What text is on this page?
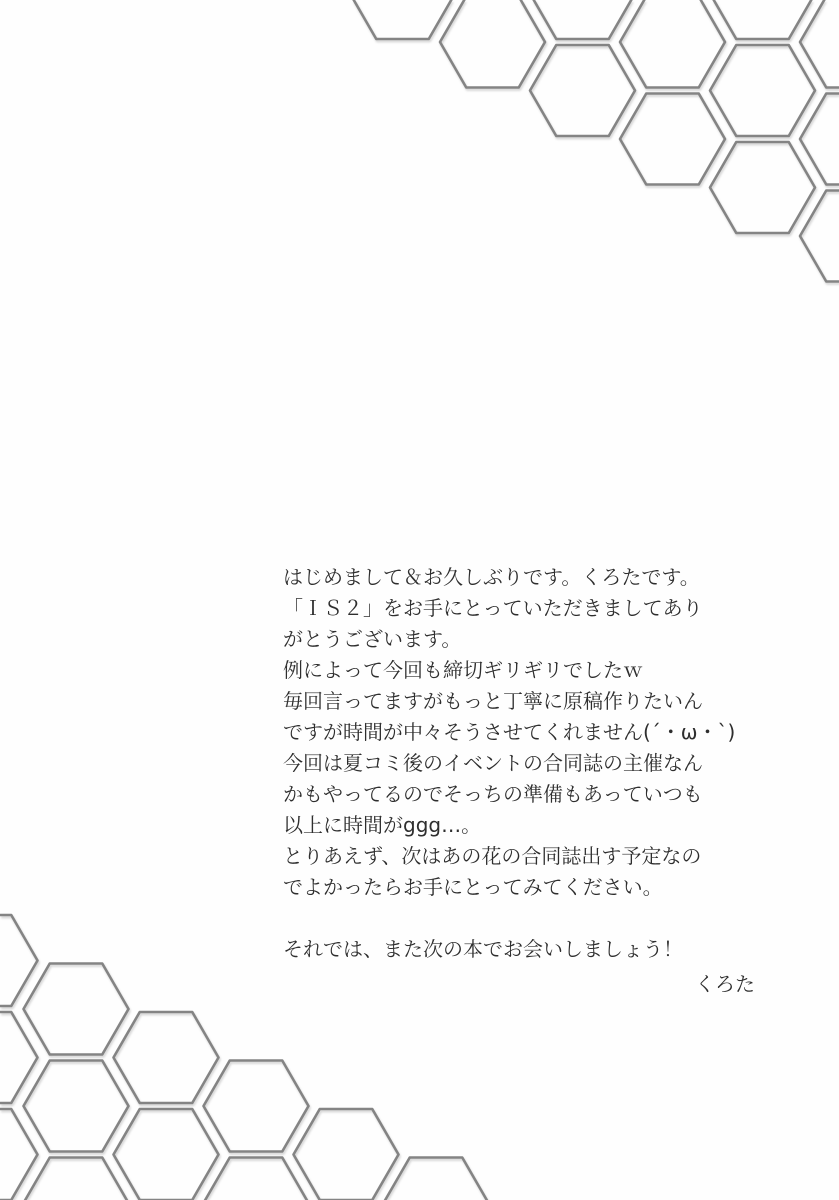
はじめまして＆お久しぶりです。くろたです。
「ＩＳ２」をお手にとっていただきましてあり
がとうございます。
例によって今回も締切ギリギリでしたｗ
毎回言ってますがもっと丁寧に原稿作りたいん
ですが時間が中々そうさせてくれません(´・ω・`)
今回は夏コミ後のイベントの合同誌の主催なん
かもやってるのでそっちの準備もあっていつも
以上に時間がggg…。
とりあえず、次はあの花の合同誌出す予定なの
でよかったらお手にとってみてください。
それでは、また次の本でお会いしましょう！
くろた
